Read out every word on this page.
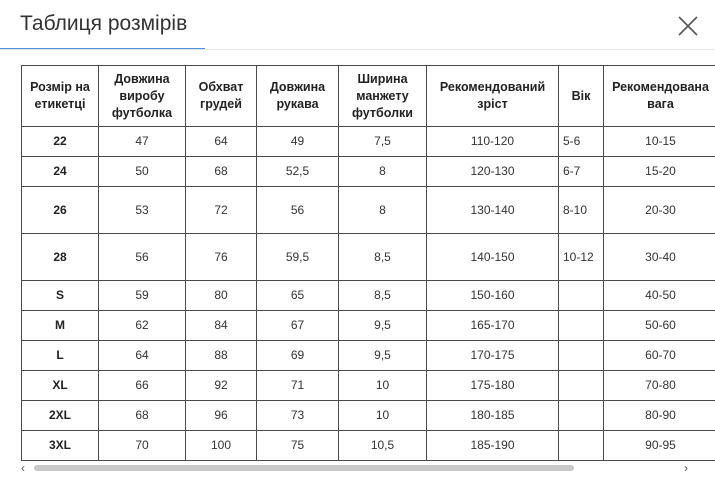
Таблиця розмірів
Розмір на етикетці	Довжина виробу футболка	Обхват грудей	Довжина рукава	Ширина манжету футболки	Рекомендований зріст	Вік	Рекомендована вага
22	47	64	49	7,5	110-120	5-6	10-15
24	50	68	52,5	8	120-130	6-7	15-20
26	53	72	56	8	130-140	8-10	20-30
28	56	76	59,5	8,5	140-150	10-12	30-40
S	59	80	65	8,5	150-160		40-50
M	62	84	67	9,5	165-170		50-60
L	64	88	69	9,5	170-175		60-70
XL	66	92	71	10	175-180		70-80
2XL	68	96	73	10	180-185		80-90
3XL	70	100	75	10,5	185-190		90-95
‹	›
